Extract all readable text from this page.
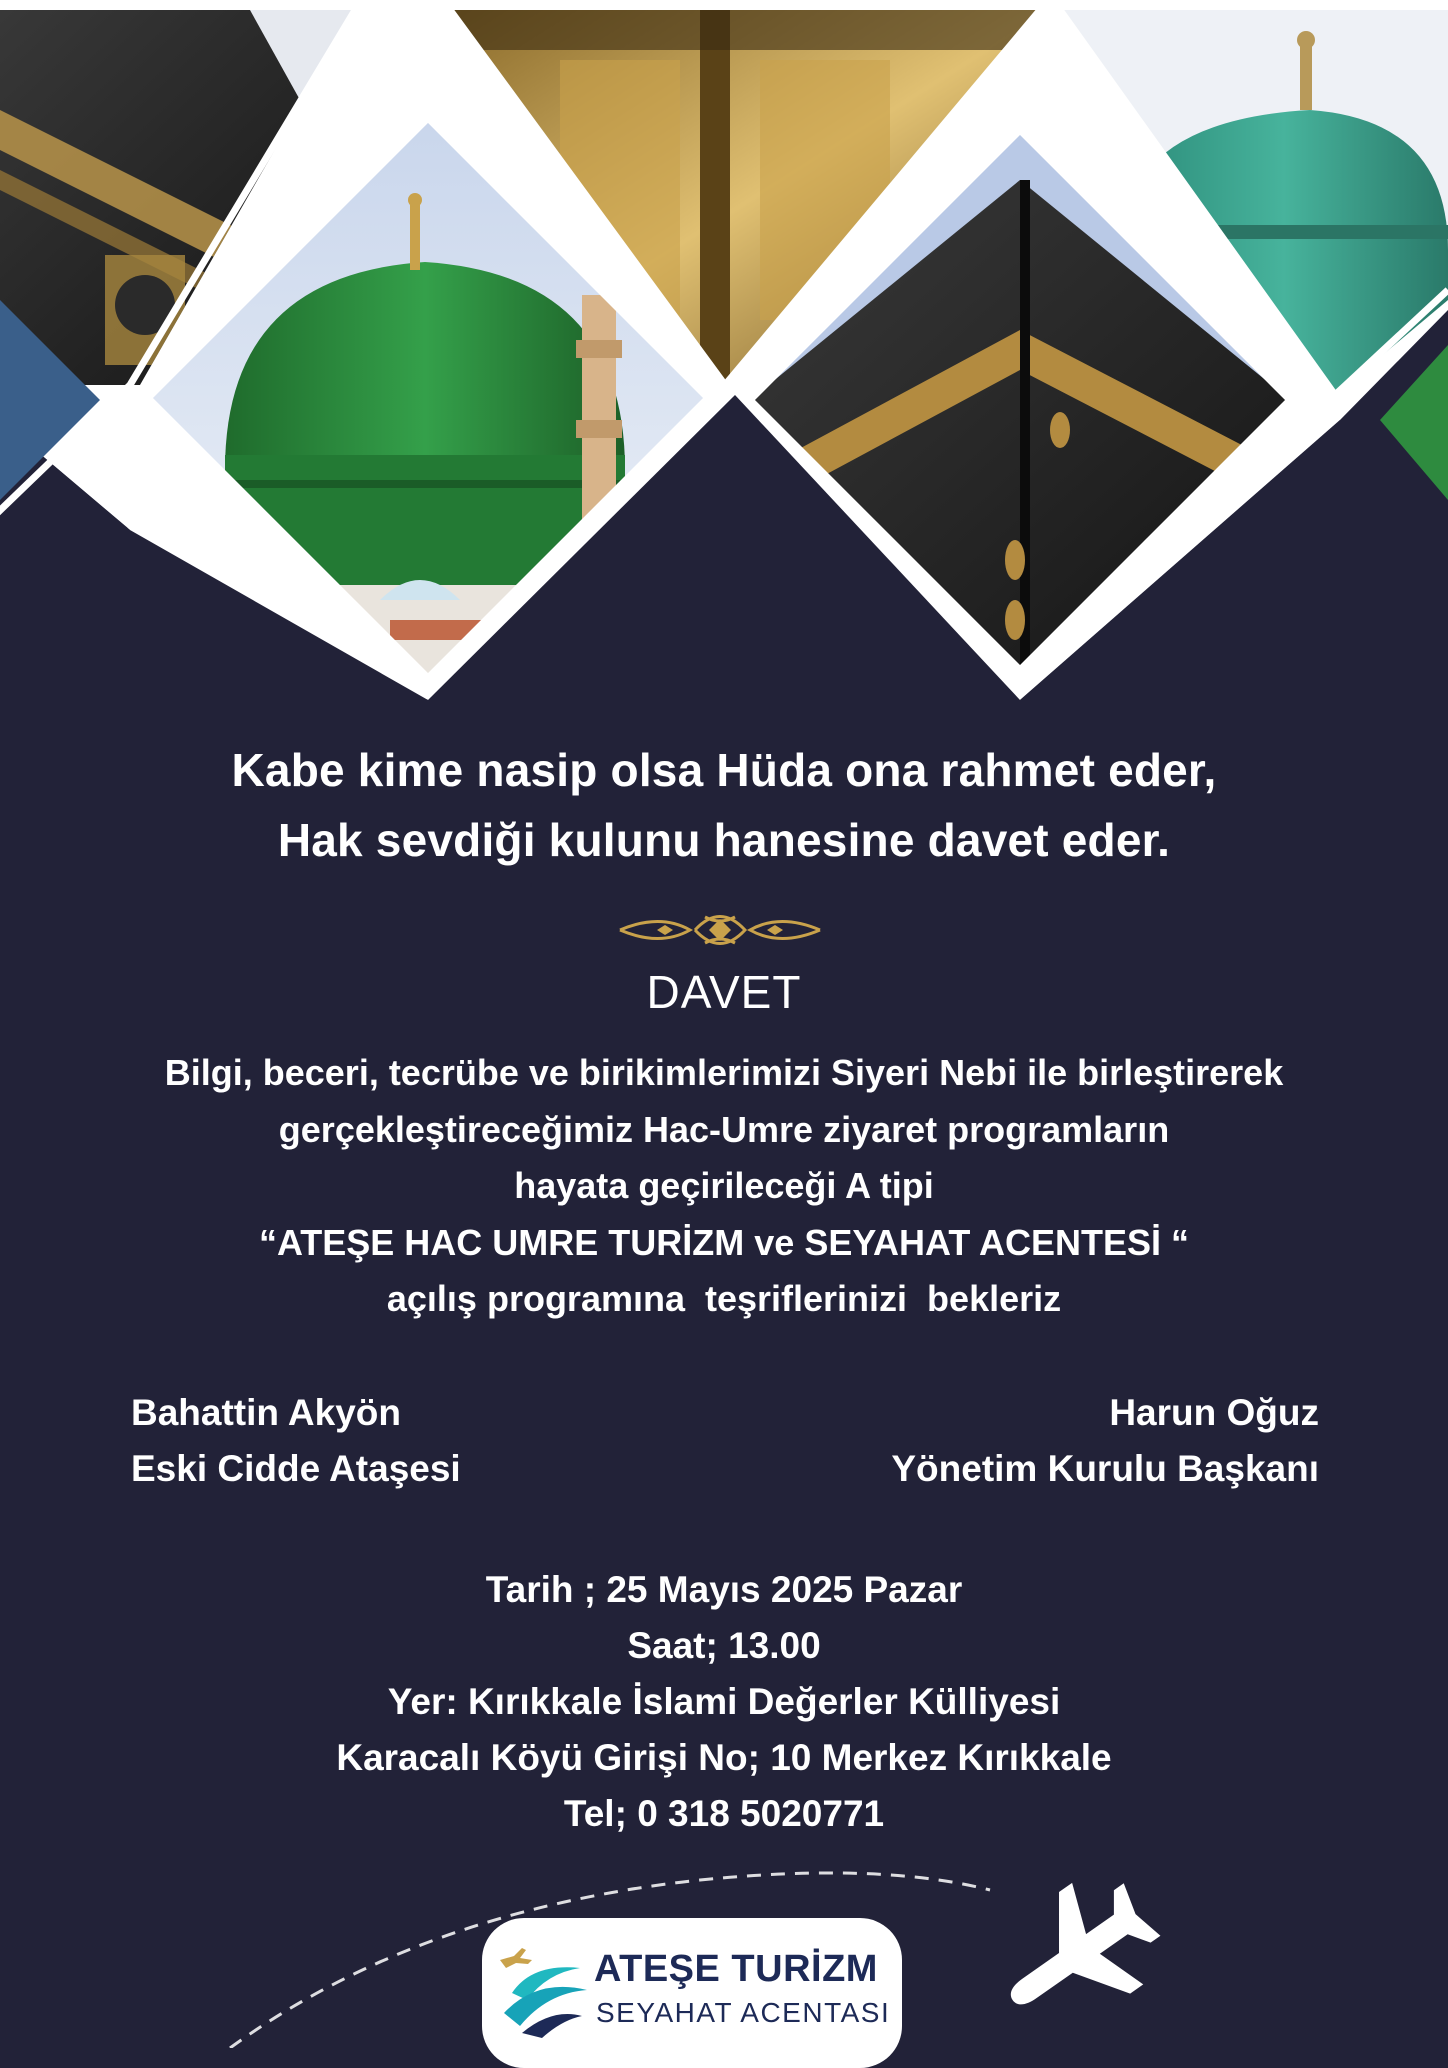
Kabe kime nasip olsa Hüda ona rahmet eder,
Hak sevdiği kulunu hanesine davet eder.
DAVET
Bilgi, beceri, tecrübe ve birikimlerimizi Siyeri Nebi ile birleştirerek
gerçekleştireceğimiz Hac-Umre ziyaret programların
hayata geçirileceği A tipi
“ATEŞE HAC UMRE TURİZM ve SEYAHAT ACENTESİ “
açılış programına  teşriflerinizi  bekleriz
Bahattin Akyön
Eski Cidde Ataşesi
Harun Oğuz
Yönetim Kurulu Başkanı
Tarih ; 25 Mayıs 2025 Pazar
Saat; 13.00
Yer: Kırıkkale İslami Değerler Külliyesi
Karacalı Köyü Girişi No; 10 Merkez Kırıkkale
Tel; 0 318 5020771
ATEŞE TURİZM
SEYAHAT ACENTASI
